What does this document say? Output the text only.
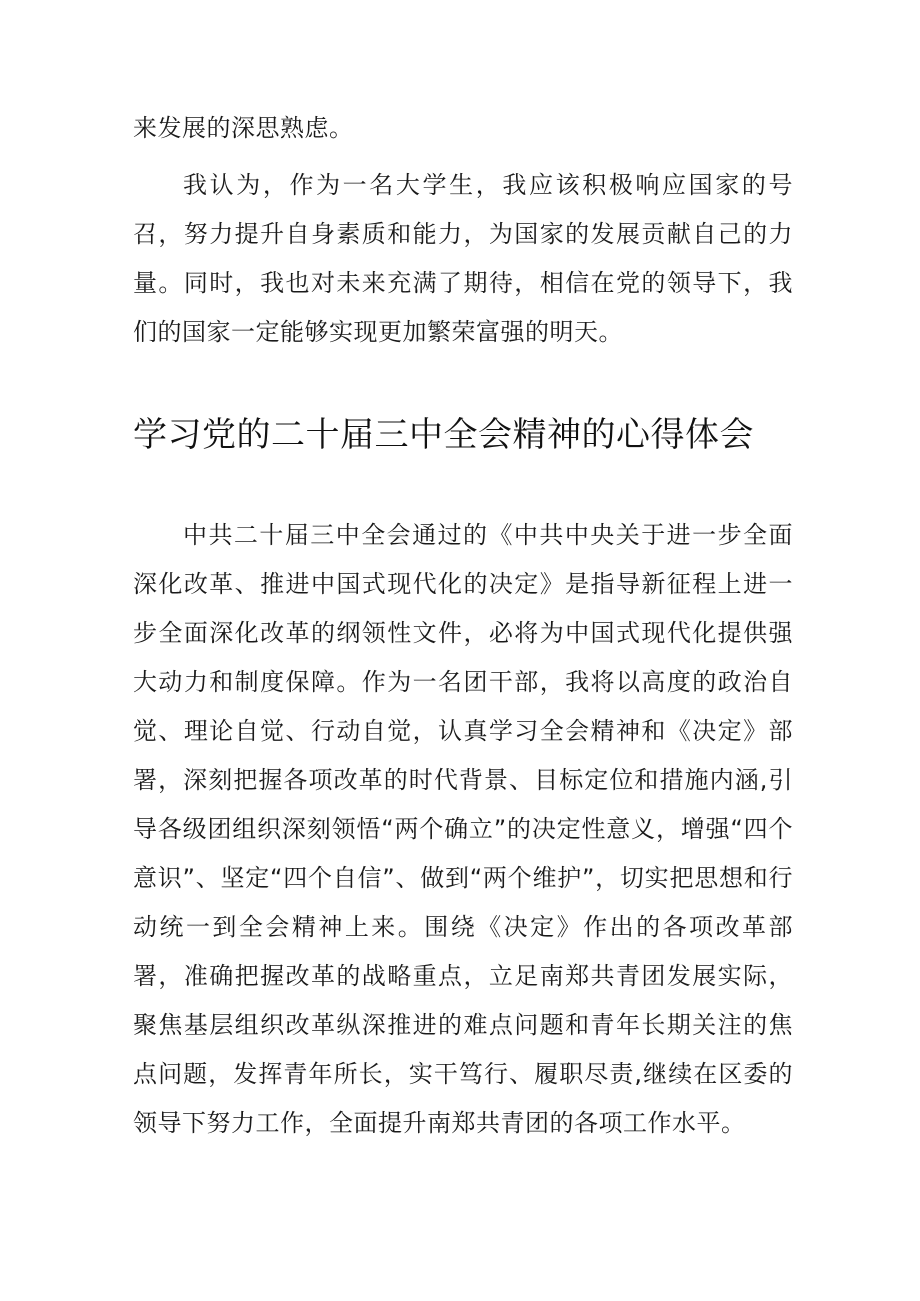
来发展的深思熟虑。

我认为，作为一名大学生，我应该积极响应国家的号召，努力提升自身素质和能力，为国家的发展贡献自己的力量。同时，我也对未来充满了期待，相信在党的领导下，我们的国家一定能够实现更加繁荣富强的明天。

学习党的二十届三中全会精神的心得体会

中共二十届三中全会通过的《中共中央关于进一步全面深化改革、推进中国式现代化的决定》是指导新征程上进一步全面深化改革的纲领性文件，必将为中国式现代化提供强大动力和制度保障。作为一名团干部，我将以高度的政治自觉、理论自觉、行动自觉，认真学习全会精神和《决定》部署，深刻把握各项改革的时代背景、目标定位和措施内涵,引导各级团组织深刻领悟“两个确立”的决定性意义，增强“四个意识”、坚定“四个自信”、做到“两个维护”，切实把思想和行动统一到全会精神上来。围绕《决定》作出的各项改革部署，准确把握改革的战略重点，立足南郑共青团发展实际，聚焦基层组织改革纵深推进的难点问题和青年长期关注的焦点问题，发挥青年所长，实干笃行、履职尽责,继续在区委的领导下努力工作，全面提升南郑共青团的各项工作水平。
